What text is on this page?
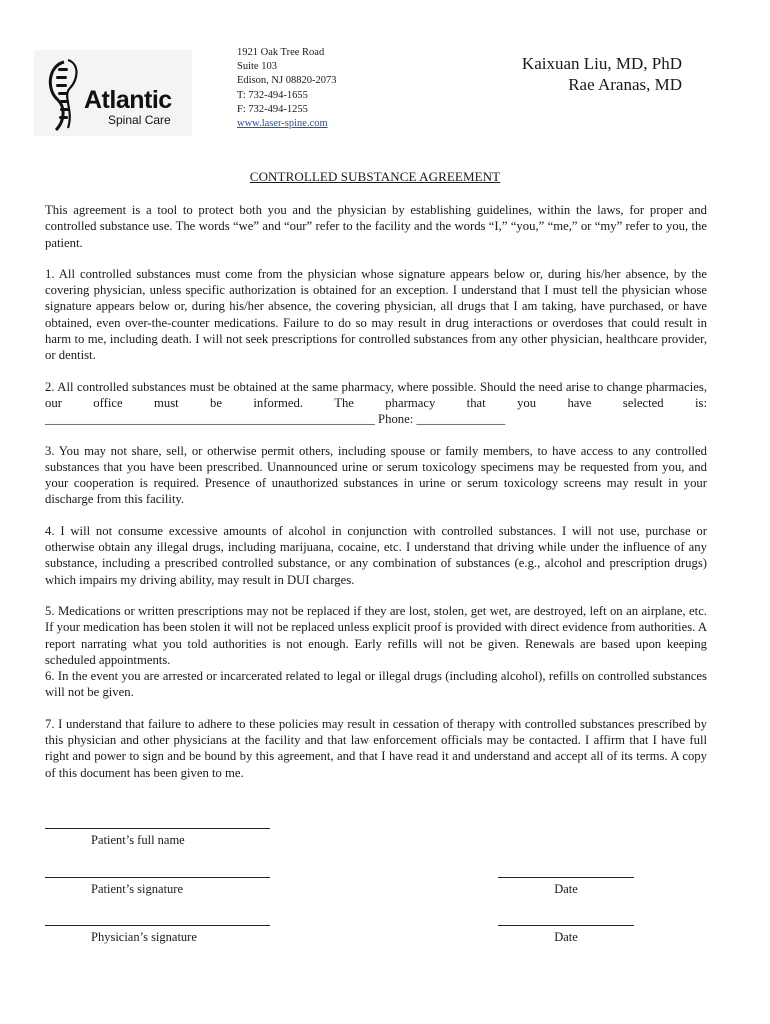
Atlantic
Spinal Care
1921 Oak Tree Road
Suite 103
Edison, NJ 08820-2073
T: 732-494-1655
F: 732-494-1255
www.laser-spine.com
Kaixuan Liu, MD, PhD
Rae Aranas, MD
CONTROLLED SUBSTANCE AGREEMENT

This agreement is a tool to protect both you and the physician by establishing guidelines, within the laws, for proper and controlled substance use. The words “we” and “our” refer to the facility and the words “I,” “you,” “me,” or “my” refer to you, the patient.

1. All controlled substances must come from the physician whose signature appears below or, during his/her absence, by the covering physician, unless specific authorization is obtained for an exception. I understand that I must tell the physician whose signature appears below or, during his/her absence, the covering physician, all drugs that I am taking, have purchased, or have obtained, even over-the-counter medications. Failure to do so may result in drug interactions or overdoses that could result in harm to me, including death. I will not seek prescriptions for controlled substances from any other physician, healthcare provider, or dentist.

2. All controlled substances must be obtained at the same pharmacy, where possible. Should the need arise to change pharmacies, our office must be informed. The pharmacy that you have selected is: ____________________________________________________ Phone: ______________

3. You may not share, sell, or otherwise permit others, including spouse or family members, to have access to any controlled substances that you have been prescribed. Unannounced urine or serum toxicology specimens may be requested from you, and your cooperation is required. Presence of unauthorized substances in urine or serum toxicology screens may result in your discharge from this facility.

4. I will not consume excessive amounts of alcohol in conjunction with controlled substances. I will not use, purchase or otherwise obtain any illegal drugs, including marijuana, cocaine, etc. I understand that driving while under the influence of any substance, including a prescribed controlled substance, or any combination of substances (e.g., alcohol and prescription drugs) which impairs my driving ability, may result in DUI charges.

5. Medications or written prescriptions may not be replaced if they are lost, stolen, get wet, are destroyed, left on an airplane, etc. If your medication has been stolen it will not be replaced unless explicit proof is provided with direct evidence from authorities. A report narrating what you told authorities is not enough. Early refills will not be given. Renewals are based upon keeping scheduled appointments.

6. In the event you are arrested or incarcerated related to legal or illegal drugs (including alcohol), refills on controlled substances will not be given.

7. I understand that failure to adhere to these policies may result in cessation of therapy with controlled substances prescribed by this physician and other physicians at the facility and that law enforcement officials may be contacted. I affirm that I have full right and power to sign and be bound by this agreement, and that I have read it and understand and accept all of its terms. A copy of this document has been given to me.

Patient’s full name
Patient’s signature	Date
Physician’s signature	Date
